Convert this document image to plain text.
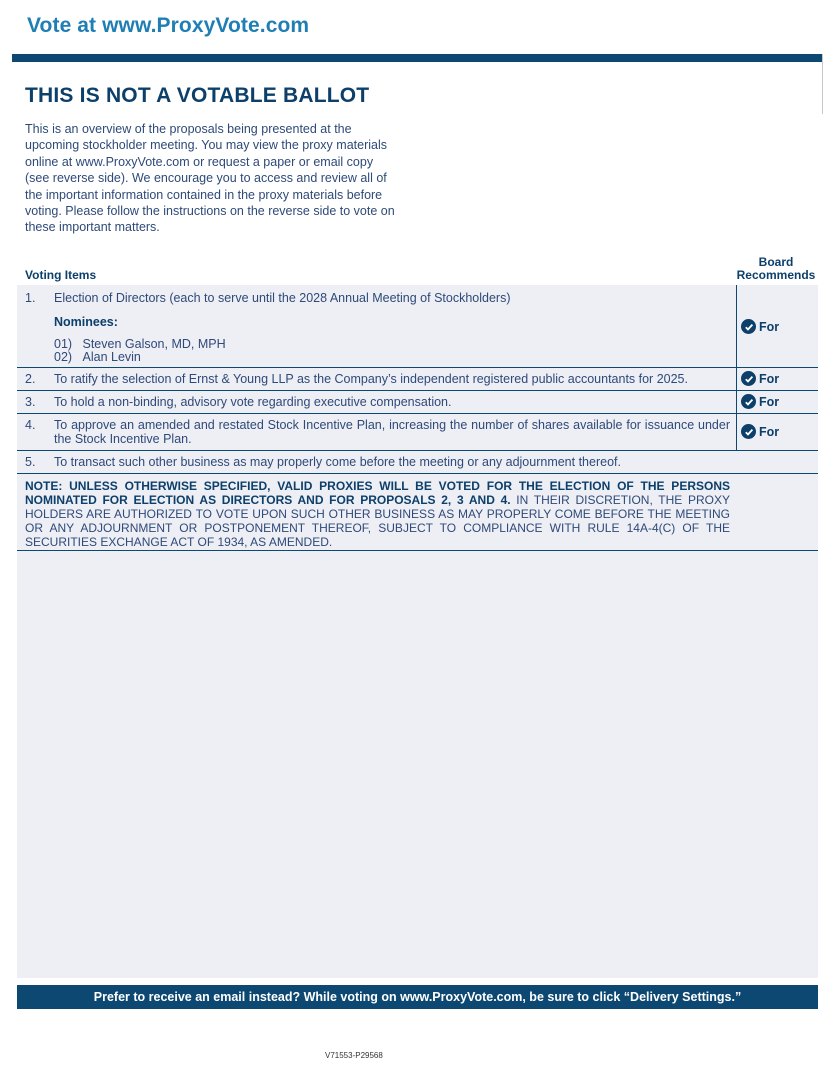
Vote at www.ProxyVote.com
THIS IS NOT A VOTABLE BALLOT

This is an overview of the proposals being presented at the upcoming stockholder meeting. You may view the proxy materials online at www.ProxyVote.com or request a paper or email copy (see reverse side). We encourage you to access and review all of the important information contained in the proxy materials before voting. Please follow the instructions on the reverse side to vote on these important matters.

Voting Items
Board
Recommends
1. Election of Directors (each to serve until the 2028 Annual Meeting of Stockholders)
Nominees:
01) Steven Galson, MD, MPH
02) Alan Levin
For
2. To ratify the selection of Ernst & Young LLP as the Company’s independent registered public accountants for 2025.	For
3. To hold a non-binding, advisory vote regarding executive compensation.	For
4. To approve an amended and restated Stock Incentive Plan, increasing the number of shares available for issuance under the Stock Incentive Plan.
For
5. To transact such other business as may properly come before the meeting or any adjournment thereof.
NOTE: UNLESS OTHERWISE SPECIFIED, VALID PROXIES WILL BE VOTED FOR THE ELECTION OF THE PERSONS NOMINATED FOR ELECTION AS DIRECTORS AND FOR PROPOSALS 2, 3 AND 4. IN THEIR DISCRETION, THE PROXY HOLDERS ARE AUTHORIZED TO VOTE UPON SUCH OTHER BUSINESS AS MAY PROPERLY COME BEFORE THE MEETING OR ANY ADJOURNMENT OR POSTPONEMENT THEREOF, SUBJECT TO COMPLIANCE WITH RULE 14A-4(C) OF THE SECURITIES EXCHANGE ACT OF 1934, AS AMENDED.
Prefer to receive an email instead? While voting on www.ProxyVote.com, be sure to click “Delivery Settings.”
V71553-P29568
